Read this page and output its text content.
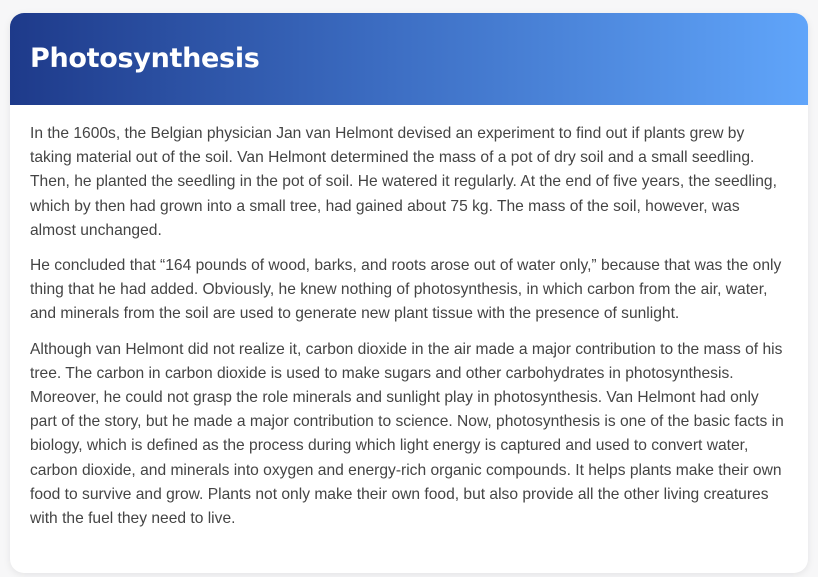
Photosynthesis

In the 1600s, the Belgian physician Jan van Helmont devised an experiment to find out if plants grew by taking material out of the soil. Van Helmont determined the mass of a pot of dry soil and a small seedling. Then, he planted the seedling in the pot of soil. He watered it regularly. At the end of five years, the seedling, which by then had grown into a small tree, had gained about 75 kg. The mass of the soil, however, was almost unchanged.

He concluded that “164 pounds of wood, barks, and roots arose out of water only,” because that was the only thing that he had added. Obviously, he knew nothing of photosynthesis, in which carbon from the air, water, and minerals from the soil are used to generate new plant tissue with the presence of sunlight.

Although van Helmont did not realize it, carbon dioxide in the air made a major contribution to the mass of his tree. The carbon in carbon dioxide is used to make sugars and other carbohydrates in photosynthesis. Moreover, he could not grasp the role minerals and sunlight play in photosynthesis. Van Helmont had only part of the story, but he made a major contribution to science. Now, photosynthesis is one of the basic facts in biology, which is defined as the process during which light energy is captured and used to convert water, carbon dioxide, and minerals into oxygen and energy-rich organic compounds. It helps plants make their own food to survive and grow. Plants not only make their own food, but also provide all the other living creatures with the fuel they need to live.
